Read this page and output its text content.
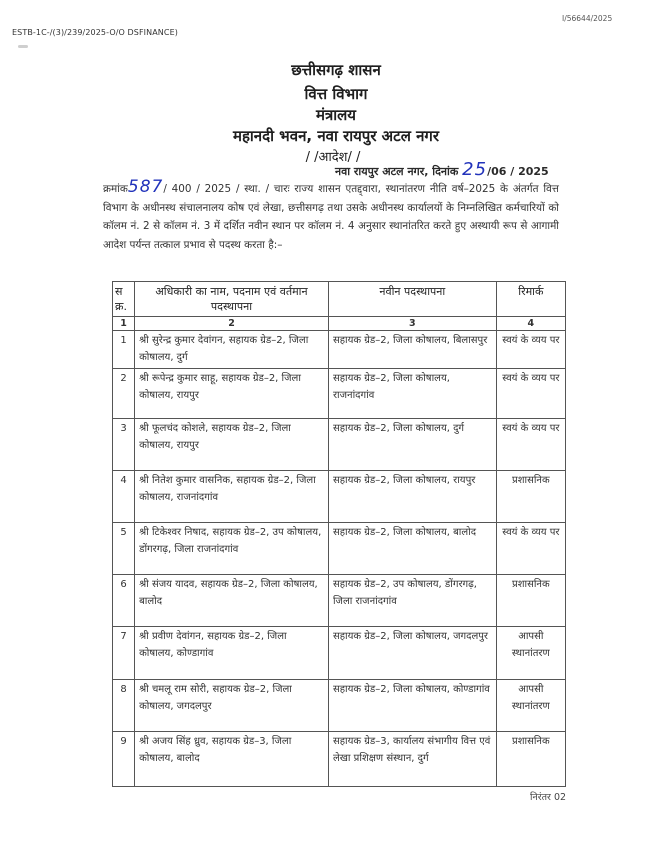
ESTB-1C-/(3)/239/2025-O/O DSFINANCE)
I/56644/2025
छत्तीसगढ़ शासन
वित्त विभाग
मंत्रालय
महानदी भवन, नवा रायपुर अटल नगर
/ /आदेश/ /
नवा रायपुर अटल नगर, दिनांक 25/06 / 2025
क्रमांक587/ 400 / 2025 / स्था. / चारः राज्य शासन एतद्द्वारा, स्थानांतरण नीति वर्ष–2025 के अंतर्गत वित्त विभाग के अधीनस्थ संचालनालय कोष एवं लेखा, छत्तीसगढ़ तथा उसके अधीनस्थ कार्यालयों के निम्नलिखित कर्मचारियों को कॉलम नं. 2 से कॉलम नं. 3 में दर्शित नवीन स्थान पर कॉलम नं. 4 अनुसार स्थानांतरित करते हुए अस्थायी रूप से आगामी आदेश पर्यन्त तत्काल प्रभाव से पदस्थ करता है:–
स क्र.	अधिकारी का नाम, पदनाम एवं वर्तमान पदस्थापना	नवीन पदस्थापना	रिमार्क
1	2	3	4
1	श्री सुरेन्द्र कुमार देवांगन, सहायक ग्रेड–2, जिला कोषालय, दुर्ग	सहायक ग्रेड–2, जिला कोषालय, बिलासपुर	स्वयं के व्यय पर
2	श्री रूपेन्द्र कुमार साहू, सहायक ग्रेड–2, जिला कोषालय, रायपुर	सहायक ग्रेड–2, जिला कोषालय, राजनांदगांव	स्वयं के व्यय पर
3	श्री फूलचंद कोशले, सहायक ग्रेड–2, जिला कोषालय, रायपुर	सहायक ग्रेड–2, जिला कोषालय, दुर्ग	स्वयं के व्यय पर
4	श्री नितेश कुमार वासनिक, सहायक ग्रेड–2, जिला कोषालय, राजनांदगांव	सहायक ग्रेड–2, जिला कोषालय, रायपुर	प्रशासनिक
5	श्री टिकेश्वर निषाद, सहायक ग्रेड–2, उप कोषालय, डोंगरगढ़, जिला राजनांदगांव	सहायक ग्रेड–2, जिला कोषालय, बालोद	स्वयं के व्यय पर
6	श्री संजय यादव, सहायक ग्रेड–2, जिला कोषालय, बालोद	सहायक ग्रेड–2, उप कोषालय, डोंगरगढ़, जिला राजनांदगांव	प्रशासनिक
7	श्री प्रवीण देवांगन, सहायक ग्रेड–2, जिला कोषालय, कोण्डागांव	सहायक ग्रेड–2, जिला कोषालय, जगदलपुर	आपसी स्थानांतरण
8	श्री चमलू राम सोरी, सहायक ग्रेड–2, जिला कोषालय, जगदलपुर	सहायक ग्रेड–2, जिला कोषालय, कोण्डागांव	आपसी स्थानांतरण
9	श्री अजय सिंह ध्रुव, सहायक ग्रेड–3, जिला कोषालय, बालोद	सहायक ग्रेड–3, कार्यालय संभागीय वित्त एवं लेखा प्रशिक्षण संस्थान, दुर्ग	प्रशासनिक
निरंतर 02
